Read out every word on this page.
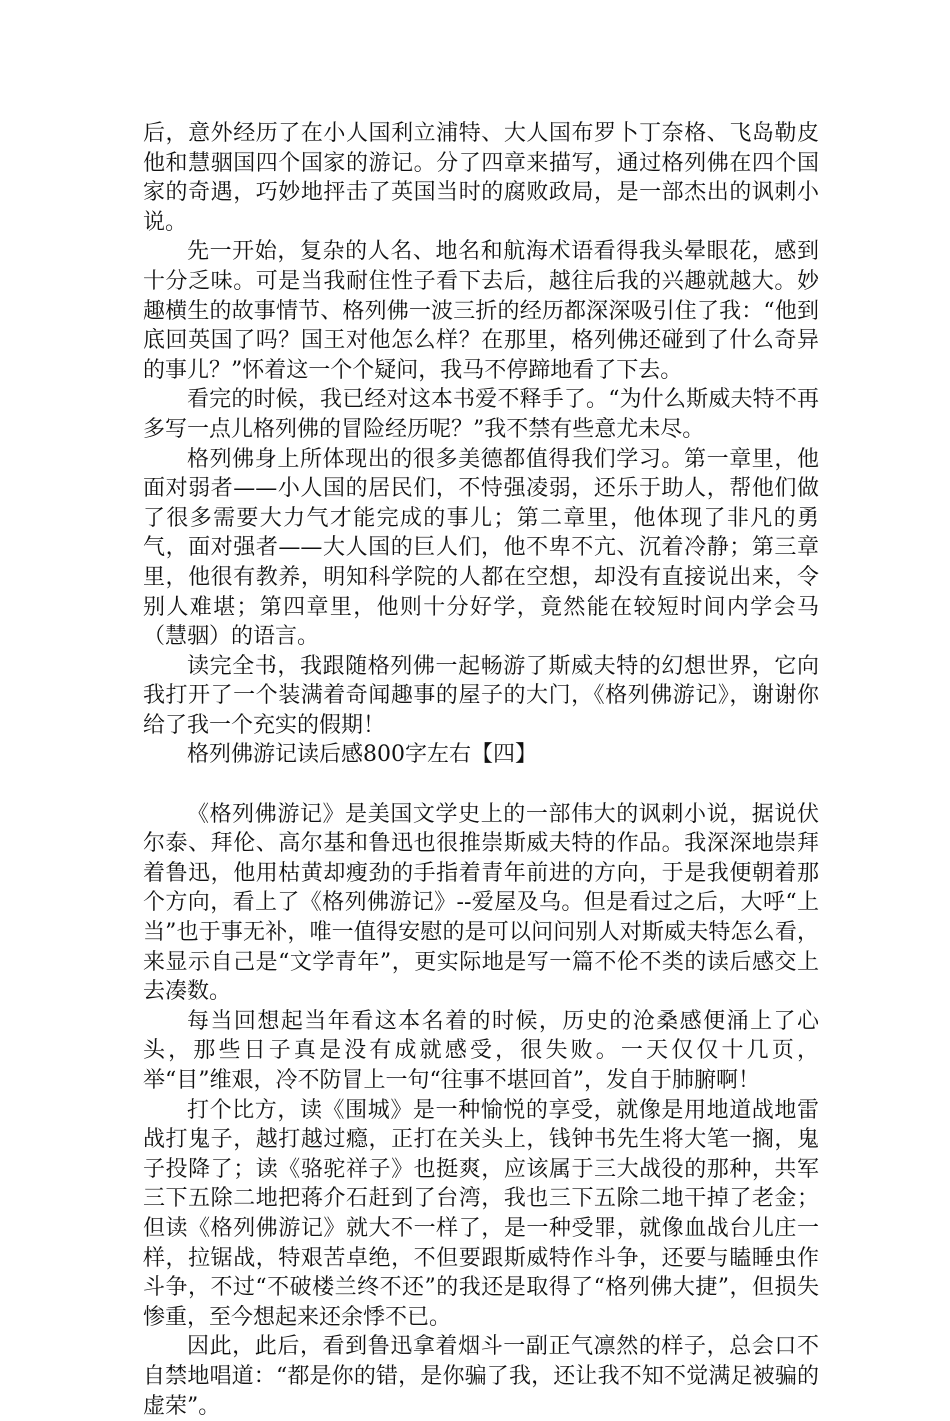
后，意外经历了在小人国利立浦特、大人国布罗卜丁奈格、飞岛勒皮他和慧骃国四个国家的游记。分了四章来描写，通过格列佛在四个国家的奇遇，巧妙地抨击了英国当时的腐败政局，是一部杰出的讽刺小说。

先一开始，复杂的人名、地名和航海术语看得我头晕眼花，感到十分乏味。可是当我耐住性子看下去后，越往后我的兴趣就越大。妙趣横生的故事情节、格列佛一波三折的经历都深深吸引住了我：“他到底回英国了吗？国王对他怎么样？在那里，格列佛还碰到了什么奇异的事儿？”怀着这一个个疑问，我马不停蹄地看了下去。

看完的时候，我已经对这本书爱不释手了。“为什么斯威夫特不再多写一点儿格列佛的冒险经历呢？”我不禁有些意尤未尽。

格列佛身上所体现出的很多美德都值得我们学习。第一章里，他面对弱者——小人国的居民们，不恃强凌弱，还乐于助人，帮他们做了很多需要大力气才能完成的事儿；第二章里，他体现了非凡的勇气，面对强者——大人国的巨人们，他不卑不亢、沉着冷静；第三章里，他很有教养，明知科学院的人都在空想，却没有直接说出来，令别人难堪；第四章里，他则十分好学，竟然能在较短时间内学会马（慧骃）的语言。

读完全书，我跟随格列佛一起畅游了斯威夫特的幻想世界，它向我打开了一个装满着奇闻趣事的屋子的大门，《格列佛游记》，谢谢你给了我一个充实的假期！

格列佛游记读后感800字左右【四】

《格列佛游记》是美国文学史上的一部伟大的讽刺小说，据说伏尔泰、拜伦、高尔基和鲁迅也很推崇斯威夫特的作品。我深深地崇拜着鲁迅，他用枯黄却瘦劲的手指着青年前进的方向，于是我便朝着那个方向，看上了《格列佛游记》--爱屋及乌。但是看过之后，大呼“上当”也于事无补，唯一值得安慰的是可以问问别人对斯威夫特怎么看，来显示自己是“文学青年”，更实际地是写一篇不伦不类的读后感交上去凑数。

每当回想起当年看这本名着的时候，历史的沧桑感便涌上了心头，那些日子真是没有成就感受，很失败。一天仅仅十几页，举“目”维艰，冷不防冒上一句“往事不堪回首”，发自于肺腑啊！

打个比方，读《围城》是一种愉悦的享受，就像是用地道战地雷战打鬼子，越打越过瘾，正打在关头上，钱钟书先生将大笔一搁，鬼子投降了；读《骆驼祥子》也挺爽，应该属于三大战役的那种，共军三下五除二地把蒋介石赶到了台湾，我也三下五除二地干掉了老金；但读《格列佛游记》就大不一样了，是一种受罪，就像血战台儿庄一样，拉锯战，特艰苦卓绝，不但要跟斯威特作斗争，还要与瞌睡虫作斗争，不过“不破楼兰终不还”的我还是取得了“格列佛大捷”，但损失惨重，至今想起来还余悸不已。

因此，此后，看到鲁迅拿着烟斗一副正气凛然的样子，总会口不自禁地唱道：“都是你的错，是你骗了我，还让我不知不觉满足被骗的虚荣”。
